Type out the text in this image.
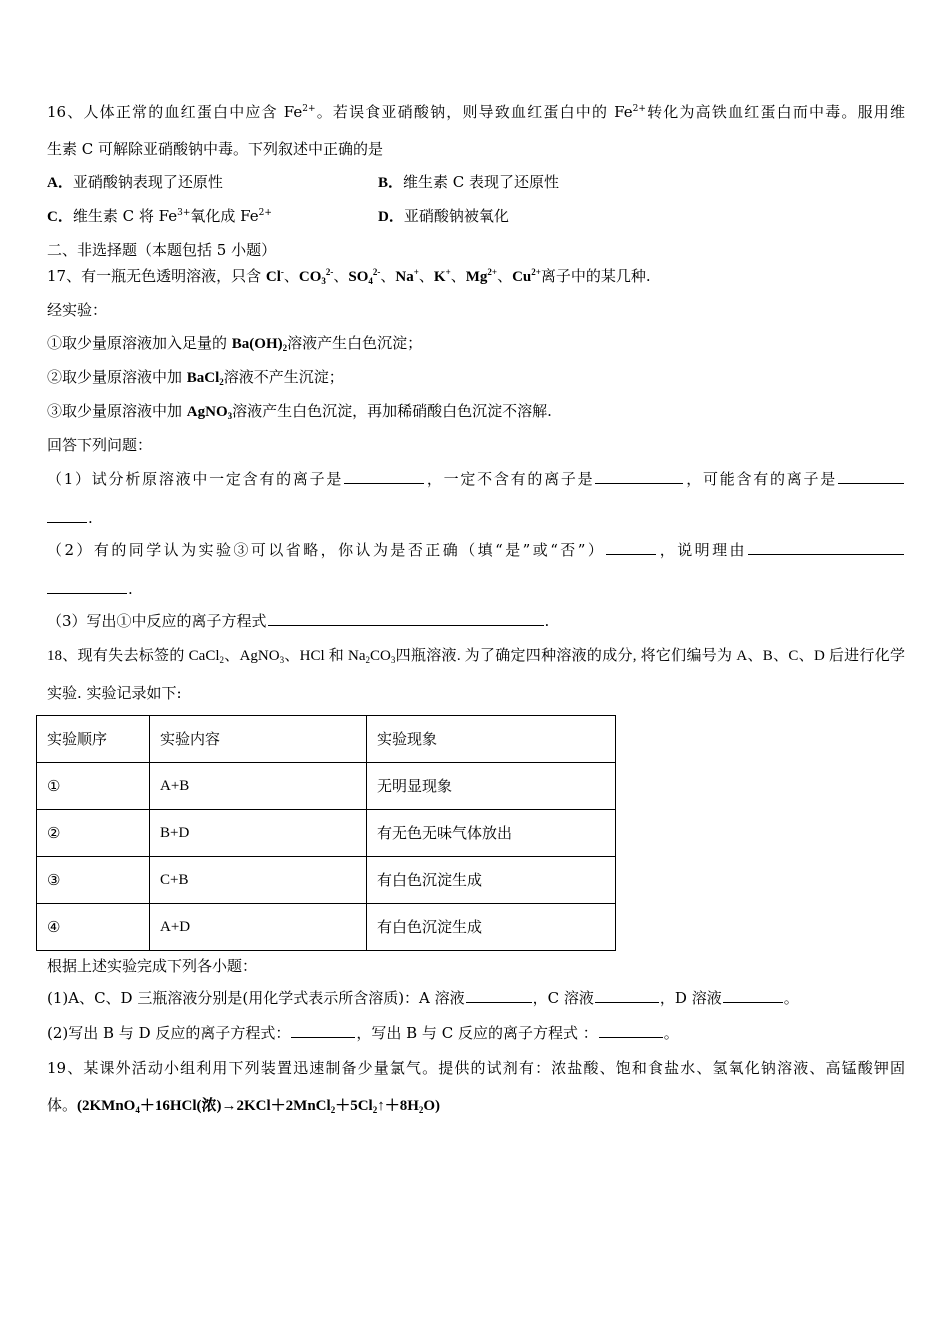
16、人体正常的血红蛋白中应含 $Fe^{2+}$。若误食亚硝酸钠，则导致血红蛋白中的 $Fe^{2+}$转化为高铁血红蛋白而中毒。服用维
生素 C 可解除亚硝酸钠中毒。下列叙述中正确的是
A．亚硝酸钠表现了还原性	B．维生素 C 表现了还原性
C．维生素 C 将 $Fe^{3+}$氧化成 $Fe^{2+}$	D．亚硝酸钠被氧化
二、非选择题（本题包括 5 小题）
17、有一瓶无色透明溶液，只含 Cl-、$CO_3^{2-}$、$SO_4^{2-}$、Na+、K+、$Mg^{2+}$、$Cu^{2+}$离子中的某几种.
经实验：
①取少量原溶液加入足量的 $Ba(OH)_2$溶液产生白色沉淀；
②取少量原溶液中加 BaCl$_2$溶液不产生沉淀；
③取少量原溶液中加 AgNO$_3$溶液产生白色沉淀，再加稀硝酸白色沉淀不溶解.
回答下列问题：
（1）试分析原溶液中一定含有的离子是	，一定不含有的离子是	，可能含有的离子是
.
（2）有的同学认为实验③可以省略，你认为是否正确（填“是”或“否”）	，说明理由
.
（3）写出①中反应的离子方程式	.
18、现有失去标签的 CaCl$_2$、AgNO$_3$、HCl 和 $Na_2CO_3$四瓶溶液. 为了确定四种溶液的成分, 将它们编号为 A、B、C、D 后进行化学
实验. 实验记录如下:
实验顺序	实验内容	实验现象
①	A+B	无明显现象
②	B+D	有无色无味气体放出
③	C+B	有白色沉淀生成
④	A+D	有白色沉淀生成
根据上述实验完成下列各小题：
(1)A、C、D 三瓶溶液分别是(用化学式表示所含溶质)：A 溶液	，C 溶液	，D 溶液	。
(2)写出 B 与 D 反应的离子方程式：	，写出 B 与 C 反应的离子方程式 ：	。
19、某课外活动小组利用下列装置迅速制备少量氯气。提供的试剂有：浓盐酸、饱和食盐水、氢氧化钠溶液、高锰酸钾固
体。(2KMnO$_4$＋16HCl(浓)$\to 2KCl+2MnCl_2+5Cl_2↑+8H_2O$)
